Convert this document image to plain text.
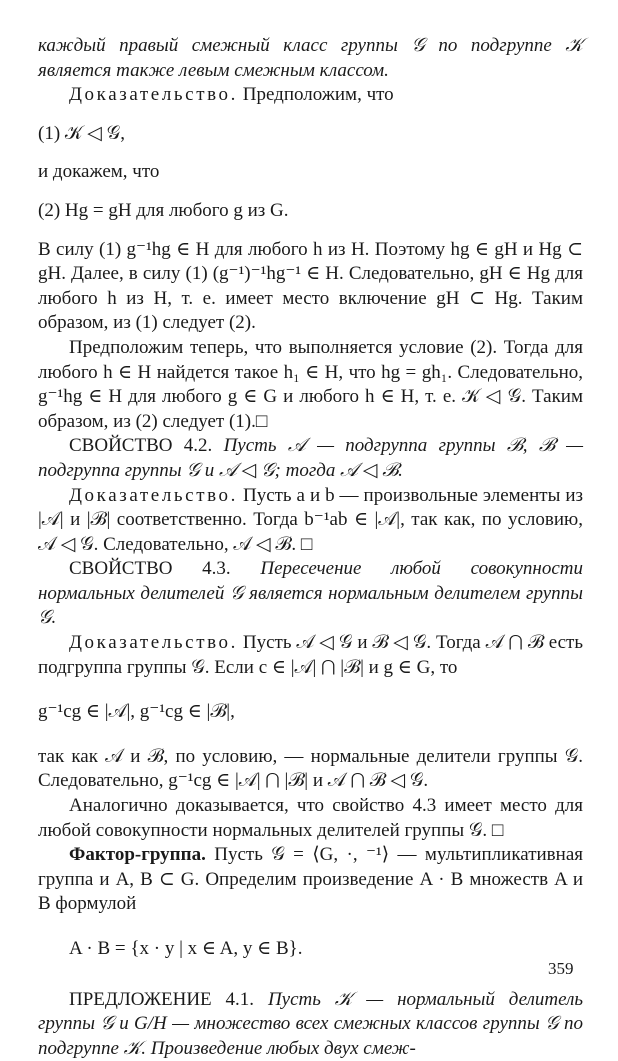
каждый правый смежный класс группы 𝒢 по подгруппе 𝒦 является также левым смежным классом.

Доказательство. Предположим, что

(1) 𝒦 ◁ 𝒢,

и докажем, что

(2) Hg = gH для любого g из G.

В силу (1) g⁻¹hg ∈ H для любого h из H. Поэтому hg ∈ gH и Hg ⊂ gH. Далее, в силу (1) (g⁻¹)⁻¹hg⁻¹ ∈ H. Следовательно, gH ∈ Hg для любого h из H, т. е. имеет место включение gH ⊂ Hg. Таким образом, из (1) следует (2).

Предположим теперь, что выполняется условие (2). Тогда для любого h ∈ H найдется такое h₁ ∈ H, что hg = gh₁. Следовательно, g⁻¹hg ∈ H для любого g ∈ G и любого h ∈ H, т. е. 𝒦 ◁ 𝒢. Таким образом, из (2) следует (1).□

СВОЙСТВО 4.2. Пусть 𝒜 — подгруппа группы ℬ, ℬ — подгруппа группы 𝒢 и 𝒜 ◁ 𝒢; тогда 𝒜 ◁ ℬ.

Доказательство. Пусть a и b — произвольные элементы из |𝒜| и |ℬ| соответственно. Тогда b⁻¹ab ∈ |𝒜|, так как, по условию, 𝒜 ◁ 𝒢. Следовательно, 𝒜 ◁ ℬ. □

СВОЙСТВО 4.3. Пересечение любой совокупности нормальных делителей 𝒢 является нормальным делителем группы 𝒢.

Доказательство. Пусть 𝒜 ◁ 𝒢 и ℬ ◁ 𝒢. Тогда 𝒜 ⋂ ℬ есть подгруппа группы 𝒢. Если c ∈ |𝒜| ⋂ |ℬ| и g ∈ G, то

g⁻¹cg ∈ |𝒜|, g⁻¹cg ∈ |ℬ|,

так как 𝒜 и ℬ, по условию, — нормальные делители группы 𝒢. Следовательно, g⁻¹cg ∈ |𝒜| ⋂ |ℬ| и 𝒜 ⋂ ℬ ◁ 𝒢.

Аналогично доказывается, что свойство 4.3 имеет место для любой совокупности нормальных делителей группы 𝒢. □

Фактор-группа. Пусть 𝒢 = ⟨G, ·, ⁻¹⟩ — мультипликативная группа и A, B ⊂ G. Определим произведение A · B множеств A и B формулой

A · B = {x · y | x ∈ A, y ∈ B}.

ПРЕДЛОЖЕНИЕ 4.1. Пусть 𝒦 — нормальный делитель группы 𝒢 и G/H — множество всех смежных классов группы 𝒢 по подгруппе 𝒦. Произведение любых двух смеж-

359
